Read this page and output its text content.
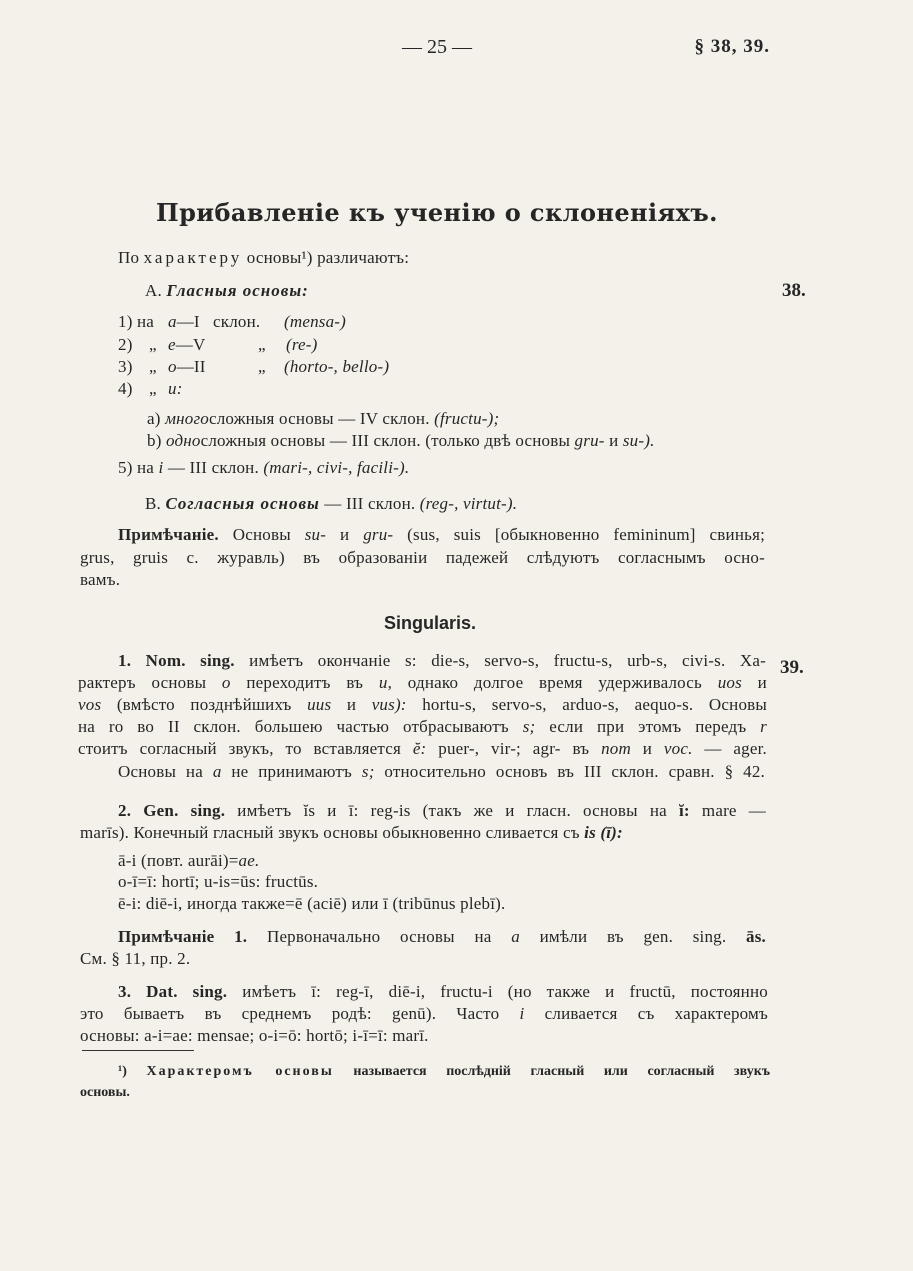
— 25 —	§ 38, 39.
Прибавленіе къ ученію о склоненіяхъ.
По характеру основы¹) различаютъ:
А. Гласныя основы:	38.
1) на a—I склон. (mensa-)
2) „ e—V	„ (re-)
3) „ o—II	„ (horto-, bello-)
4) „ u:
a) многосложныя основы — IV склон. (fructu-);
b) односложныя основы — III склон. (только двѣ основы gru- и su-).
5) на i — III склон. (mari-, civi-, facili-).
В. Согласныя основы — III склон. (reg-, virtut-).
Примѣчаніе. Основы su- и gru- (sus, suis [обыкновенно femininum] свинья;
grus, gruis c. журавль) въ образованіи падежей слѣдуютъ согласнымъ осно-
вамъ.
Singularis.
1. Nom. sing. имѣетъ окончаніе s: die-s, servo-s, fructu-s, urb-s, civi-s. Ха- 39.
рактеръ основы o переходитъ въ u, однако долгое время удерживалось uos и
vos (вмѣсто позднѣйшихъ uus и vus): hortu-s, servo-s, arduo-s, aequo-s. Основы
на ro во II склон. большею частью отбрасываютъ s; если при этомъ передъ r
стоитъ согласный звукъ, то вставляется ĕ: puer-, vir-; agr- въ nom и voc. — ager.
Основы на a не принимаютъ s; относительно основъ въ III склон. сравн. § 42.
2. Gen. sing. имѣетъ ĭs и ī: reg-is (такъ же и гласн. основы на ĭ: mare —
marīs). Конечный гласный звукъ основы обыкновенно сливается съ is (ī):
ā-i (повт. aurāi)=ae.
o-ī=ī: hortī; u-is=ūs: fructūs.
ē-i: diē-i, иногда также=ē (aciē) или ī (tribūnus plebī).
Примѣчаніе 1. Первоначально основы на a имѣли въ gen. sing. ās.
См. § 11, пр. 2.
3. Dat. sing. имѣетъ ī: reg-ī, diē-i, fructu-i (но также и fructū, постоянно
это бываетъ въ среднемъ родѣ: genū). Часто i сливается съ характеромъ
основы: a-i=ae: mensae; o-i=ō: hortō; i-ī=ī: marī.
¹) Характеромъ основы называется послѣдній гласный или согласный звукъ
основы.
